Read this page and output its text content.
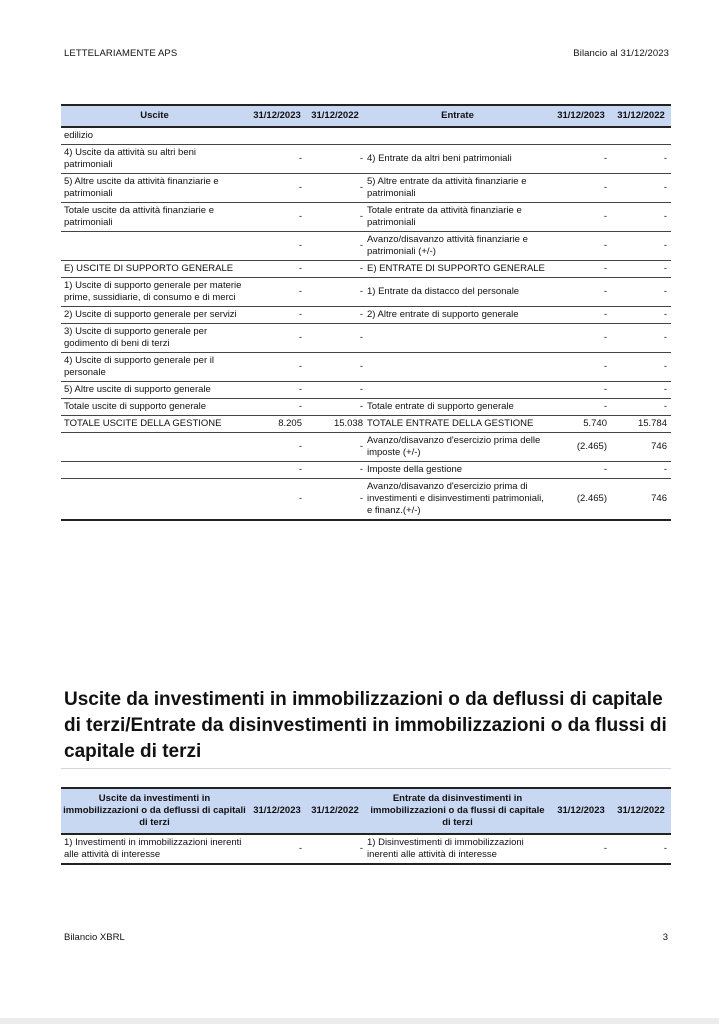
LETTELARIAMENTE APS	Bilancio al 31/12/2023
Uscite	31/12/2023	31/12/2022	Entrate	31/12/2023	31/12/2022
edilizio					
4) Uscite da attività su altri beni patrimoniali	-	-	4) Entrate da altri beni patrimoniali	-	-
5) Altre uscite da attività finanziarie e patrimoniali	-	-	5) Altre entrate da attività finanziarie e patrimoniali	-	-
Totale uscite da attività finanziarie e patrimoniali	-	-	Totale entrate da attività finanziarie e patrimoniali	-	-
	-	-	Avanzo/disavanzo attività finanziarie e patrimoniali (+/-)	-	-
E) USCITE DI SUPPORTO GENERALE	-	-	E) ENTRATE DI SUPPORTO GENERALE	-	-
1) Uscite di supporto generale per materie prime, sussidiarie, di consumo e di merci	-	-	1) Entrate da distacco del personale	-	-
2) Uscite di supporto generale per servizi	-	-	2) Altre entrate di supporto generale	-	-
3) Uscite di supporto generale per godimento di beni di terzi	-	-		-	-
4) Uscite di supporto generale per il personale	-	-		-	-
5) Altre uscite di supporto generale	-	-		-	-
Totale uscite di supporto generale	-	-	Totale entrate di supporto generale	-	-
TOTALE USCITE DELLA GESTIONE	8.205	15.038	TOTALE ENTRATE DELLA GESTIONE	5.740	15.784
	-	-	Avanzo/disavanzo d'esercizio prima delle imposte (+/-)	(2.465)	746
	-	-	Imposte della gestione	-	-
	-	-	Avanzo/disavanzo d'esercizio prima di investimenti e disinvestimenti patrimoniali, e finanz.(+/-)	(2.465)	746
Uscite da investimenti in immobilizzazioni o da deflussi di capitale di terzi/Entrate da disinvestimenti in immobilizzazioni o da flussi di capitale di terzi
Uscite da investimenti in immobilizzazioni o da deflussi di capitali di terzi	31/12/2023	31/12/2022	Entrate da disinvestimenti in immobilizzazioni o da flussi di capitale di terzi	31/12/2023	31/12/2022
1) Investimenti in immobilizzazioni inerenti alle attività di interesse	-	-	1) Disinvestimenti di immobilizzazioni inerenti alle attività di interesse	-	-
Bilancio XBRL	3
